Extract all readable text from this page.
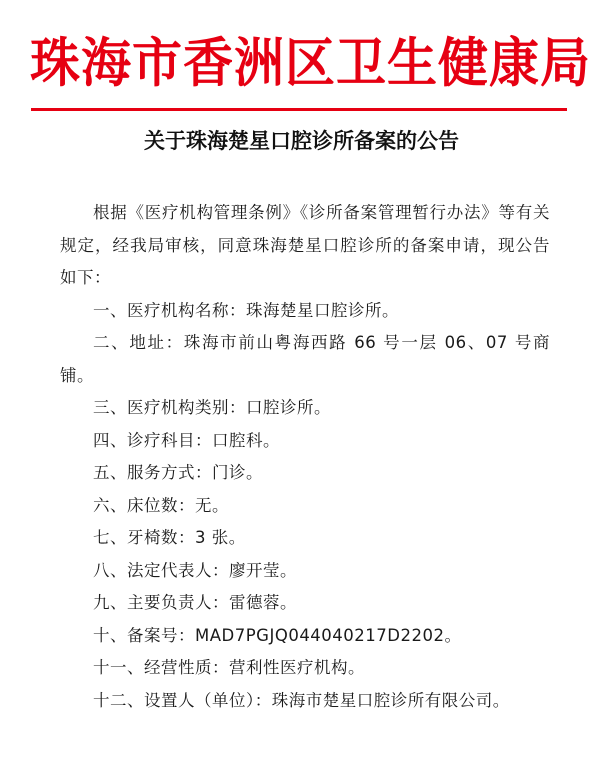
珠海市香洲区卫生健康局
关于珠海楚星口腔诊所备案的公告

根据《医疗机构管理条例》《诊所备案管理暂行办法》等有关规定，经我局审核，同意珠海楚星口腔诊所的备案申请，现公告如下：

一、医疗机构名称：珠海楚星口腔诊所。

二、地址：珠海市前山粤海西路 66 号一层 06、07 号商铺。

三、医疗机构类别：口腔诊所。

四、诊疗科目：口腔科。

五、服务方式：门诊。

六、床位数：无。

七、牙椅数：3 张。

八、法定代表人：廖开莹。

九、主要负责人：雷德蓉。

十、备案号：MAD7PGJQ044040217D2202。

十一、经营性质：营利性医疗机构。

十二、设置人（单位）：珠海市楚星口腔诊所有限公司。
